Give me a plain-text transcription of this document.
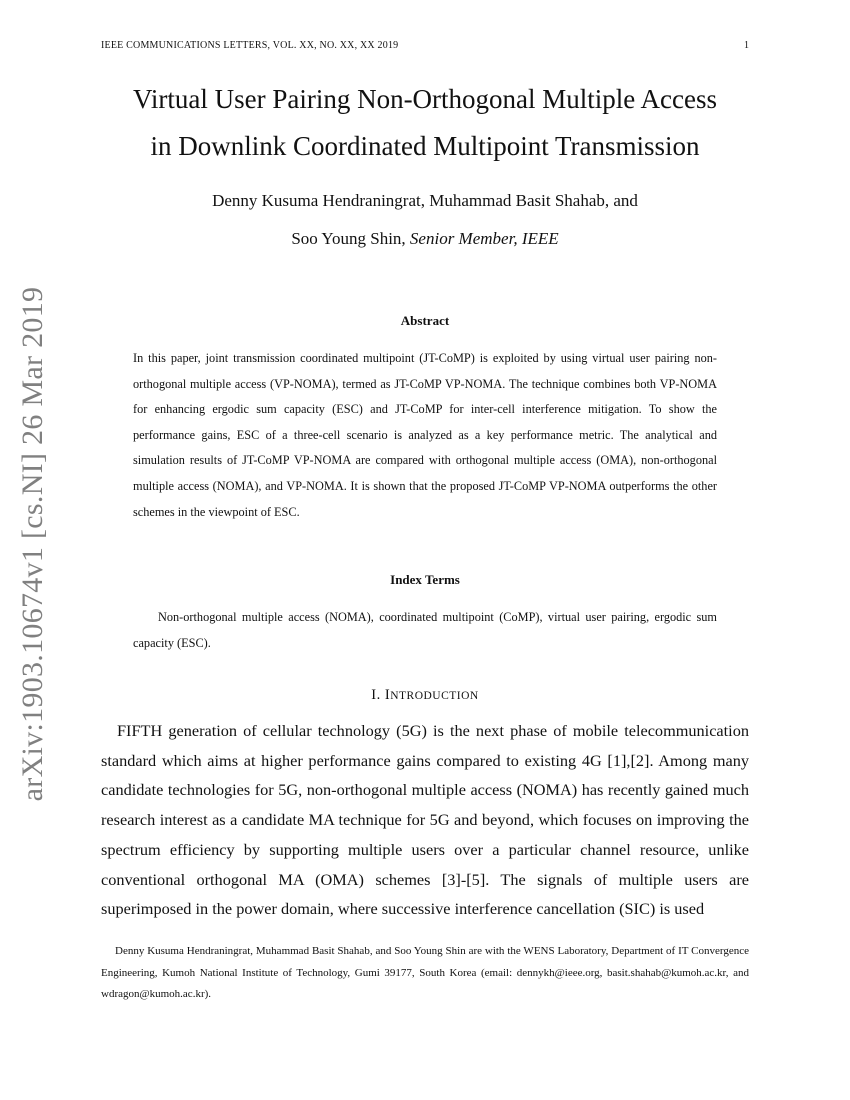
IEEE COMMUNICATIONS LETTERS, VOL. XX, NO. XX, XX 2019	1
arXiv:1903.10674v1 [cs.NI] 26 Mar 2019
Virtual User Pairing Non-Orthogonal Multiple Access
in Downlink Coordinated Multipoint Transmission
Denny Kusuma Hendraningrat, Muhammad Basit Shahab, and
Soo Young Shin, Senior Member, IEEE
Abstract
In this paper, joint transmission coordinated multipoint (JT-CoMP) is exploited by using virtual user pairing non-orthogonal multiple access (VP-NOMA), termed as JT-CoMP VP-NOMA. The technique combines both VP-NOMA for enhancing ergodic sum capacity (ESC) and JT-CoMP for inter-cell interference mitigation. To show the performance gains, ESC of a three-cell scenario is analyzed as a key performance metric. The analytical and simulation results of JT-CoMP VP-NOMA are compared with orthogonal multiple access (OMA), non-orthogonal multiple access (NOMA), and VP-NOMA. It is shown that the proposed JT-CoMP VP-NOMA outperforms the other schemes in the viewpoint of ESC.
Index Terms
Non-orthogonal multiple access (NOMA), coordinated multipoint (CoMP), virtual user pairing, ergodic sum capacity (ESC).
I. INTRODUCTION
FIFTH generation of cellular technology (5G) is the next phase of mobile telecommunication standard which aims at higher performance gains compared to existing 4G [1],[2]. Among many candidate technologies for 5G, non-orthogonal multiple access (NOMA) has recently gained much research interest as a candidate MA technique for 5G and beyond, which focuses on improving the spectrum efficiency by supporting multiple users over a particular channel resource, unlike conventional orthogonal MA (OMA) schemes [3]-[5]. The signals of multiple users are superimposed in the power domain, where successive interference cancellation (SIC) is used
Denny Kusuma Hendraningrat, Muhammad Basit Shahab, and Soo Young Shin are with the WENS Laboratory, Department of IT Convergence Engineering, Kumoh National Institute of Technology, Gumi 39177, South Korea (email: dennykh@ieee.org, basit.shahab@kumoh.ac.kr, and wdragon@kumoh.ac.kr).
